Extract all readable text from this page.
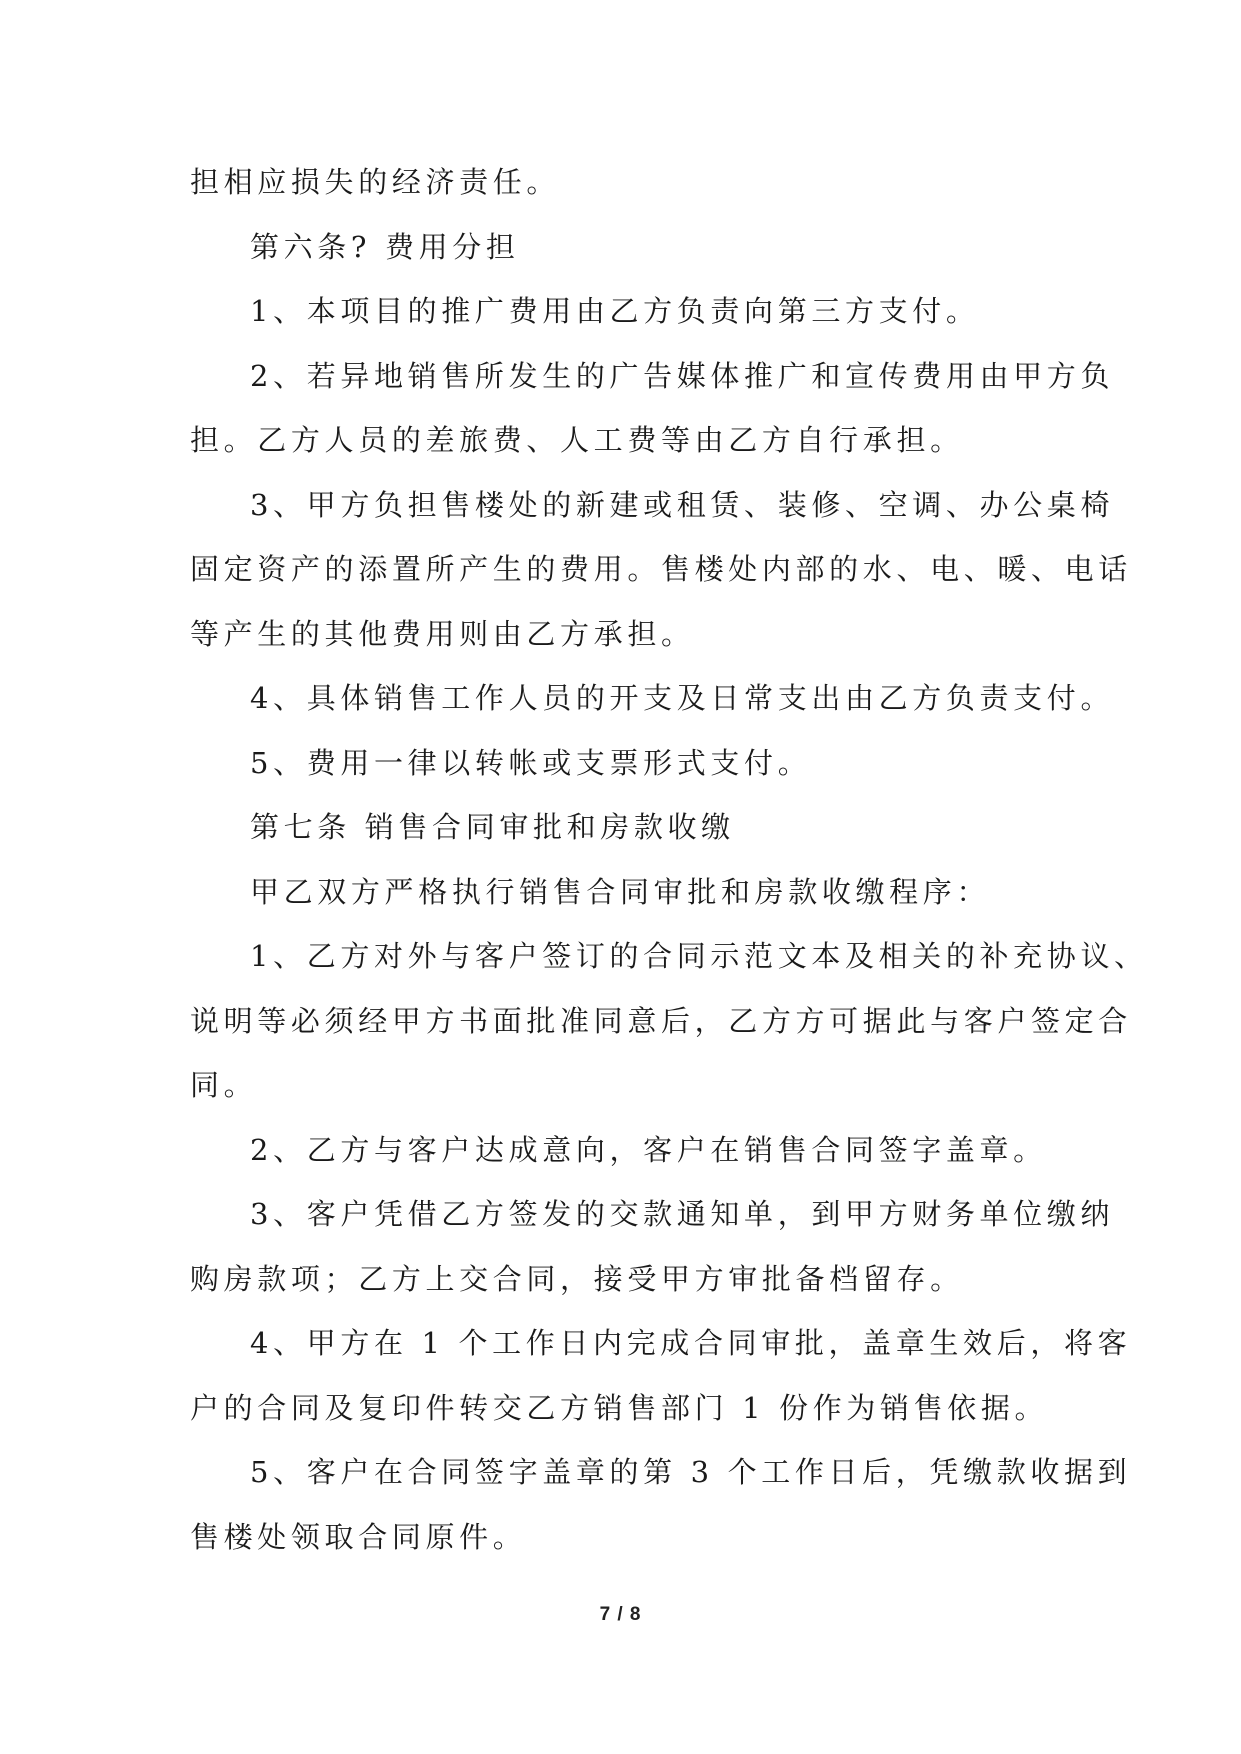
担相应损失的经济责任。
第六条? 费用分担
1、本项目的推广费用由乙方负责向第三方支付。
2、若异地销售所发生的广告媒体推广和宣传费用由甲方负
担。乙方人员的差旅费、人工费等由乙方自行承担。
3、甲方负担售楼处的新建或租赁、装修、空调、办公桌椅
固定资产的添置所产生的费用。售楼处内部的水、电、暖、电话
等产生的其他费用则由乙方承担。
4、具体销售工作人员的开支及日常支出由乙方负责支付。
5、费用一律以转帐或支票形式支付。
第七条 销售合同审批和房款收缴
甲乙双方严格执行销售合同审批和房款收缴程序：
1、乙方对外与客户签订的合同示范文本及相关的补充协议、
说明等必须经甲方书面批准同意后，乙方方可据此与客户签定合
同。
2、乙方与客户达成意向，客户在销售合同签字盖章。
3、客户凭借乙方签发的交款通知单，到甲方财务单位缴纳
购房款项；乙方上交合同，接受甲方审批备档留存。
4、甲方在 1 个工作日内完成合同审批，盖章生效后，将客
户的合同及复印件转交乙方销售部门 1 份作为销售依据。
5、客户在合同签字盖章的第 3 个工作日后，凭缴款收据到
售楼处领取合同原件。
7 / 8
